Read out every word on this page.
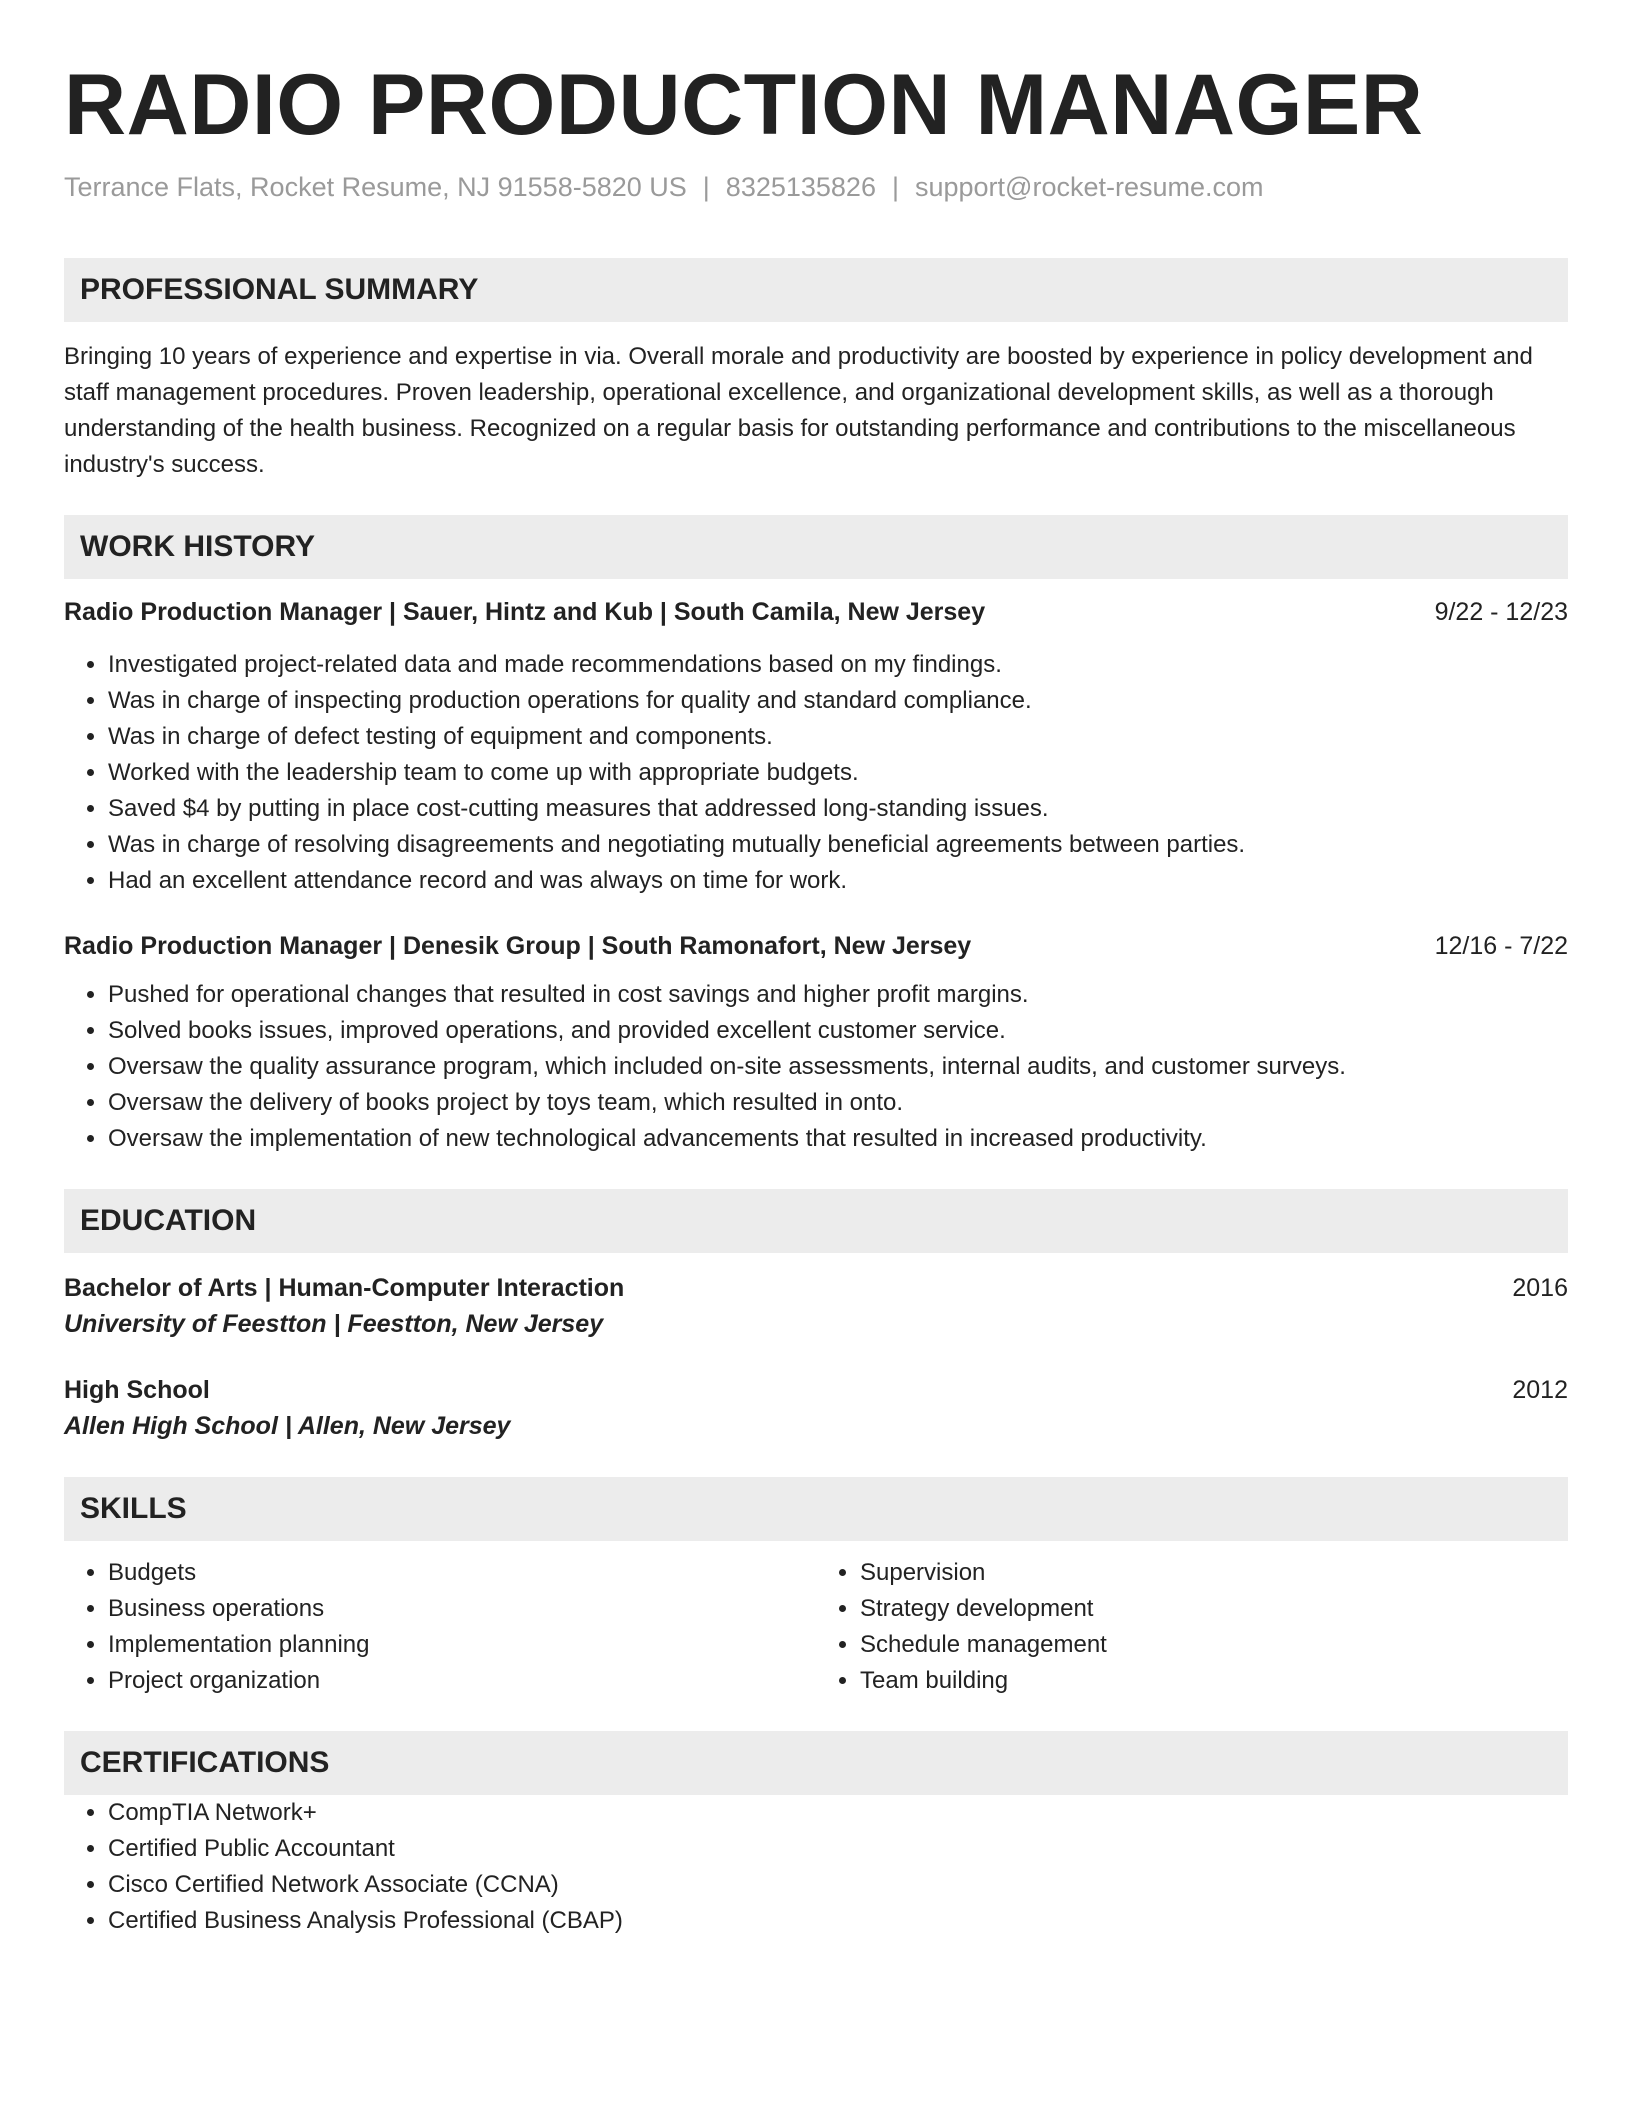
RADIO PRODUCTION MANAGER
Terrance Flats, Rocket Resume, NJ 91558-5820 US | 8325135826 | support@rocket-resume.com
PROFESSIONAL SUMMARY
Bringing 10 years of experience and expertise in via. Overall morale and productivity are boosted by experience in policy development and staff management procedures. Proven leadership, operational excellence, and organizational development skills, as well as a thorough understanding of the health business. Recognized on a regular basis for outstanding performance and contributions to the miscellaneous industry's success.
WORK HISTORY
Radio Production Manager | Sauer, Hintz and Kub | South Camila, New Jersey	9/22 - 12/23
• Investigated project-related data and made recommendations based on my findings.
• Was in charge of inspecting production operations for quality and standard compliance.
• Was in charge of defect testing of equipment and components.
• Worked with the leadership team to come up with appropriate budgets.
• Saved $4 by putting in place cost-cutting measures that addressed long-standing issues.
• Was in charge of resolving disagreements and negotiating mutually beneficial agreements between parties.
• Had an excellent attendance record and was always on time for work.
Radio Production Manager | Denesik Group | South Ramonafort, New Jersey	12/16 - 7/22
• Pushed for operational changes that resulted in cost savings and higher profit margins.
• Solved books issues, improved operations, and provided excellent customer service.
• Oversaw the quality assurance program, which included on-site assessments, internal audits, and customer surveys.
• Oversaw the delivery of books project by toys team, which resulted in onto.
• Oversaw the implementation of new technological advancements that resulted in increased productivity.
EDUCATION
Bachelor of Arts | Human-Computer Interaction	2016
University of Feestton | Feestton, New Jersey
High School	2012
Allen High School | Allen, New Jersey
SKILLS
• Budgets
• Business operations
• Implementation planning
• Project organization
• Supervision
• Strategy development
• Schedule management
• Team building
CERTIFICATIONS
• CompTIA Network+
• Certified Public Accountant
• Cisco Certified Network Associate (CCNA)
• Certified Business Analysis Professional (CBAP)
